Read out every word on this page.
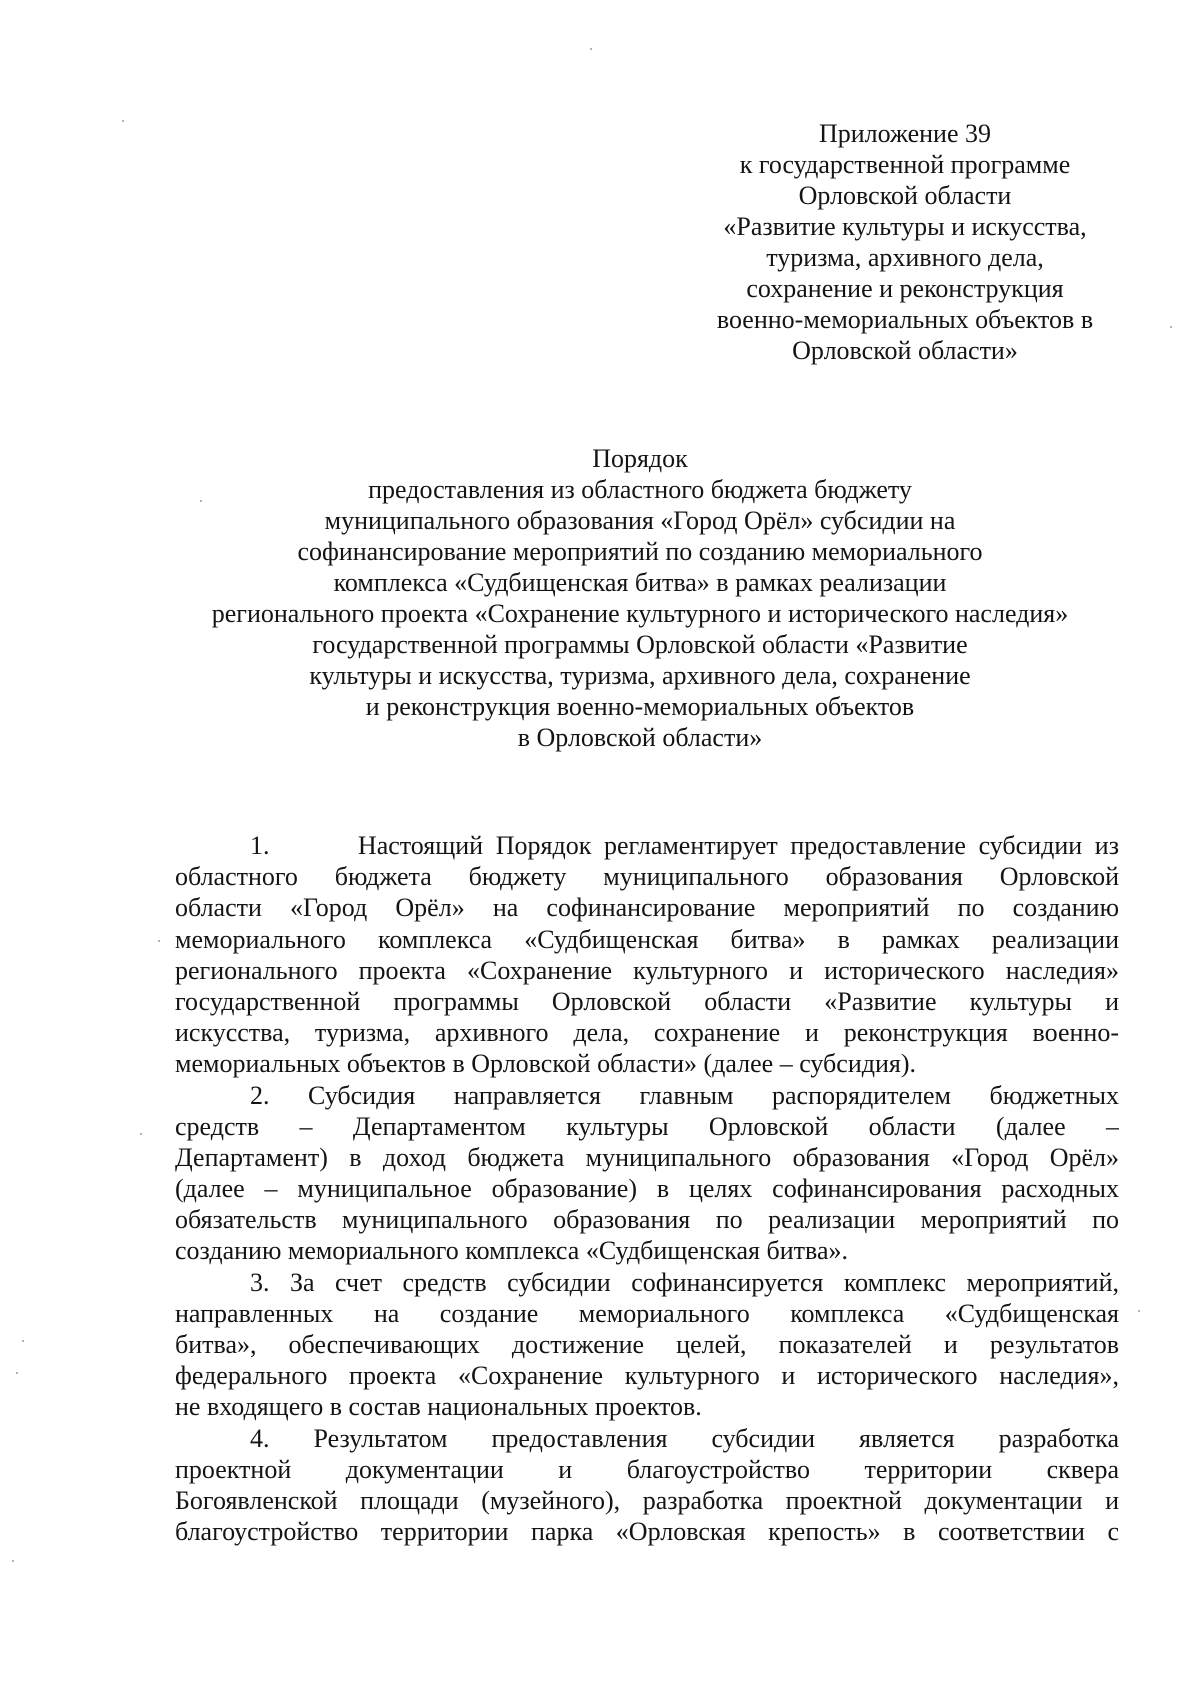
Приложение 39
к государственной программе
Орловской области
«Развитие культуры и искусства,
туризма, архивного дела,
сохранение и реконструкция
военно-мемориальных объектов в
Орловской области»
Порядок
предоставления из областного бюджета бюджету
муниципального образования «Город Орёл» субсидии на
софинансирование мероприятий по созданию мемориального
комплекса «Судбищенская битва» в рамках реализации
регионального проекта «Сохранение культурного и исторического наследия»
государственной программы Орловской области «Развитие
культуры и искусства, туризма, архивного дела, сохранение
и реконструкция военно-мемориальных объектов
в Орловской области»
1.       Настоящий Порядок регламентирует предоставление субсидии из
областного бюджета бюджету муниципального образования Орловской
области «Город Орёл» на софинансирование мероприятий по созданию
мемориального комплекса «Судбищенская битва» в рамках реализации
регионального проекта «Сохранение культурного и исторического наследия»
государственной программы Орловской области «Развитие культуры и
искусства, туризма, архивного дела, сохранение и реконструкция военно-
мемориальных объектов в Орловской области» (далее – субсидия).
2. Субсидия направляется главным распорядителем бюджетных
средств – Департаментом культуры Орловской области (далее –
Департамент) в доход бюджета муниципального образования «Город Орёл»
(далее – муниципальное образование) в целях софинансирования расходных
обязательств муниципального образования по реализации мероприятий по
созданию мемориального комплекса «Судбищенская битва».
3. За счет средств субсидии софинансируется комплекс мероприятий,
направленных на создание мемориального комплекса «Судбищенская
битва», обеспечивающих достижение целей, показателей и результатов
федерального проекта «Сохранение культурного и исторического наследия»,
не входящего в состав национальных проектов.
4. Результатом предоставления субсидии является разработка
проектной документации и благоустройство территории сквера
Богоявленской площади (музейного), разработка проектной документации и
благоустройство территории парка «Орловская крепость» в соответствии с
